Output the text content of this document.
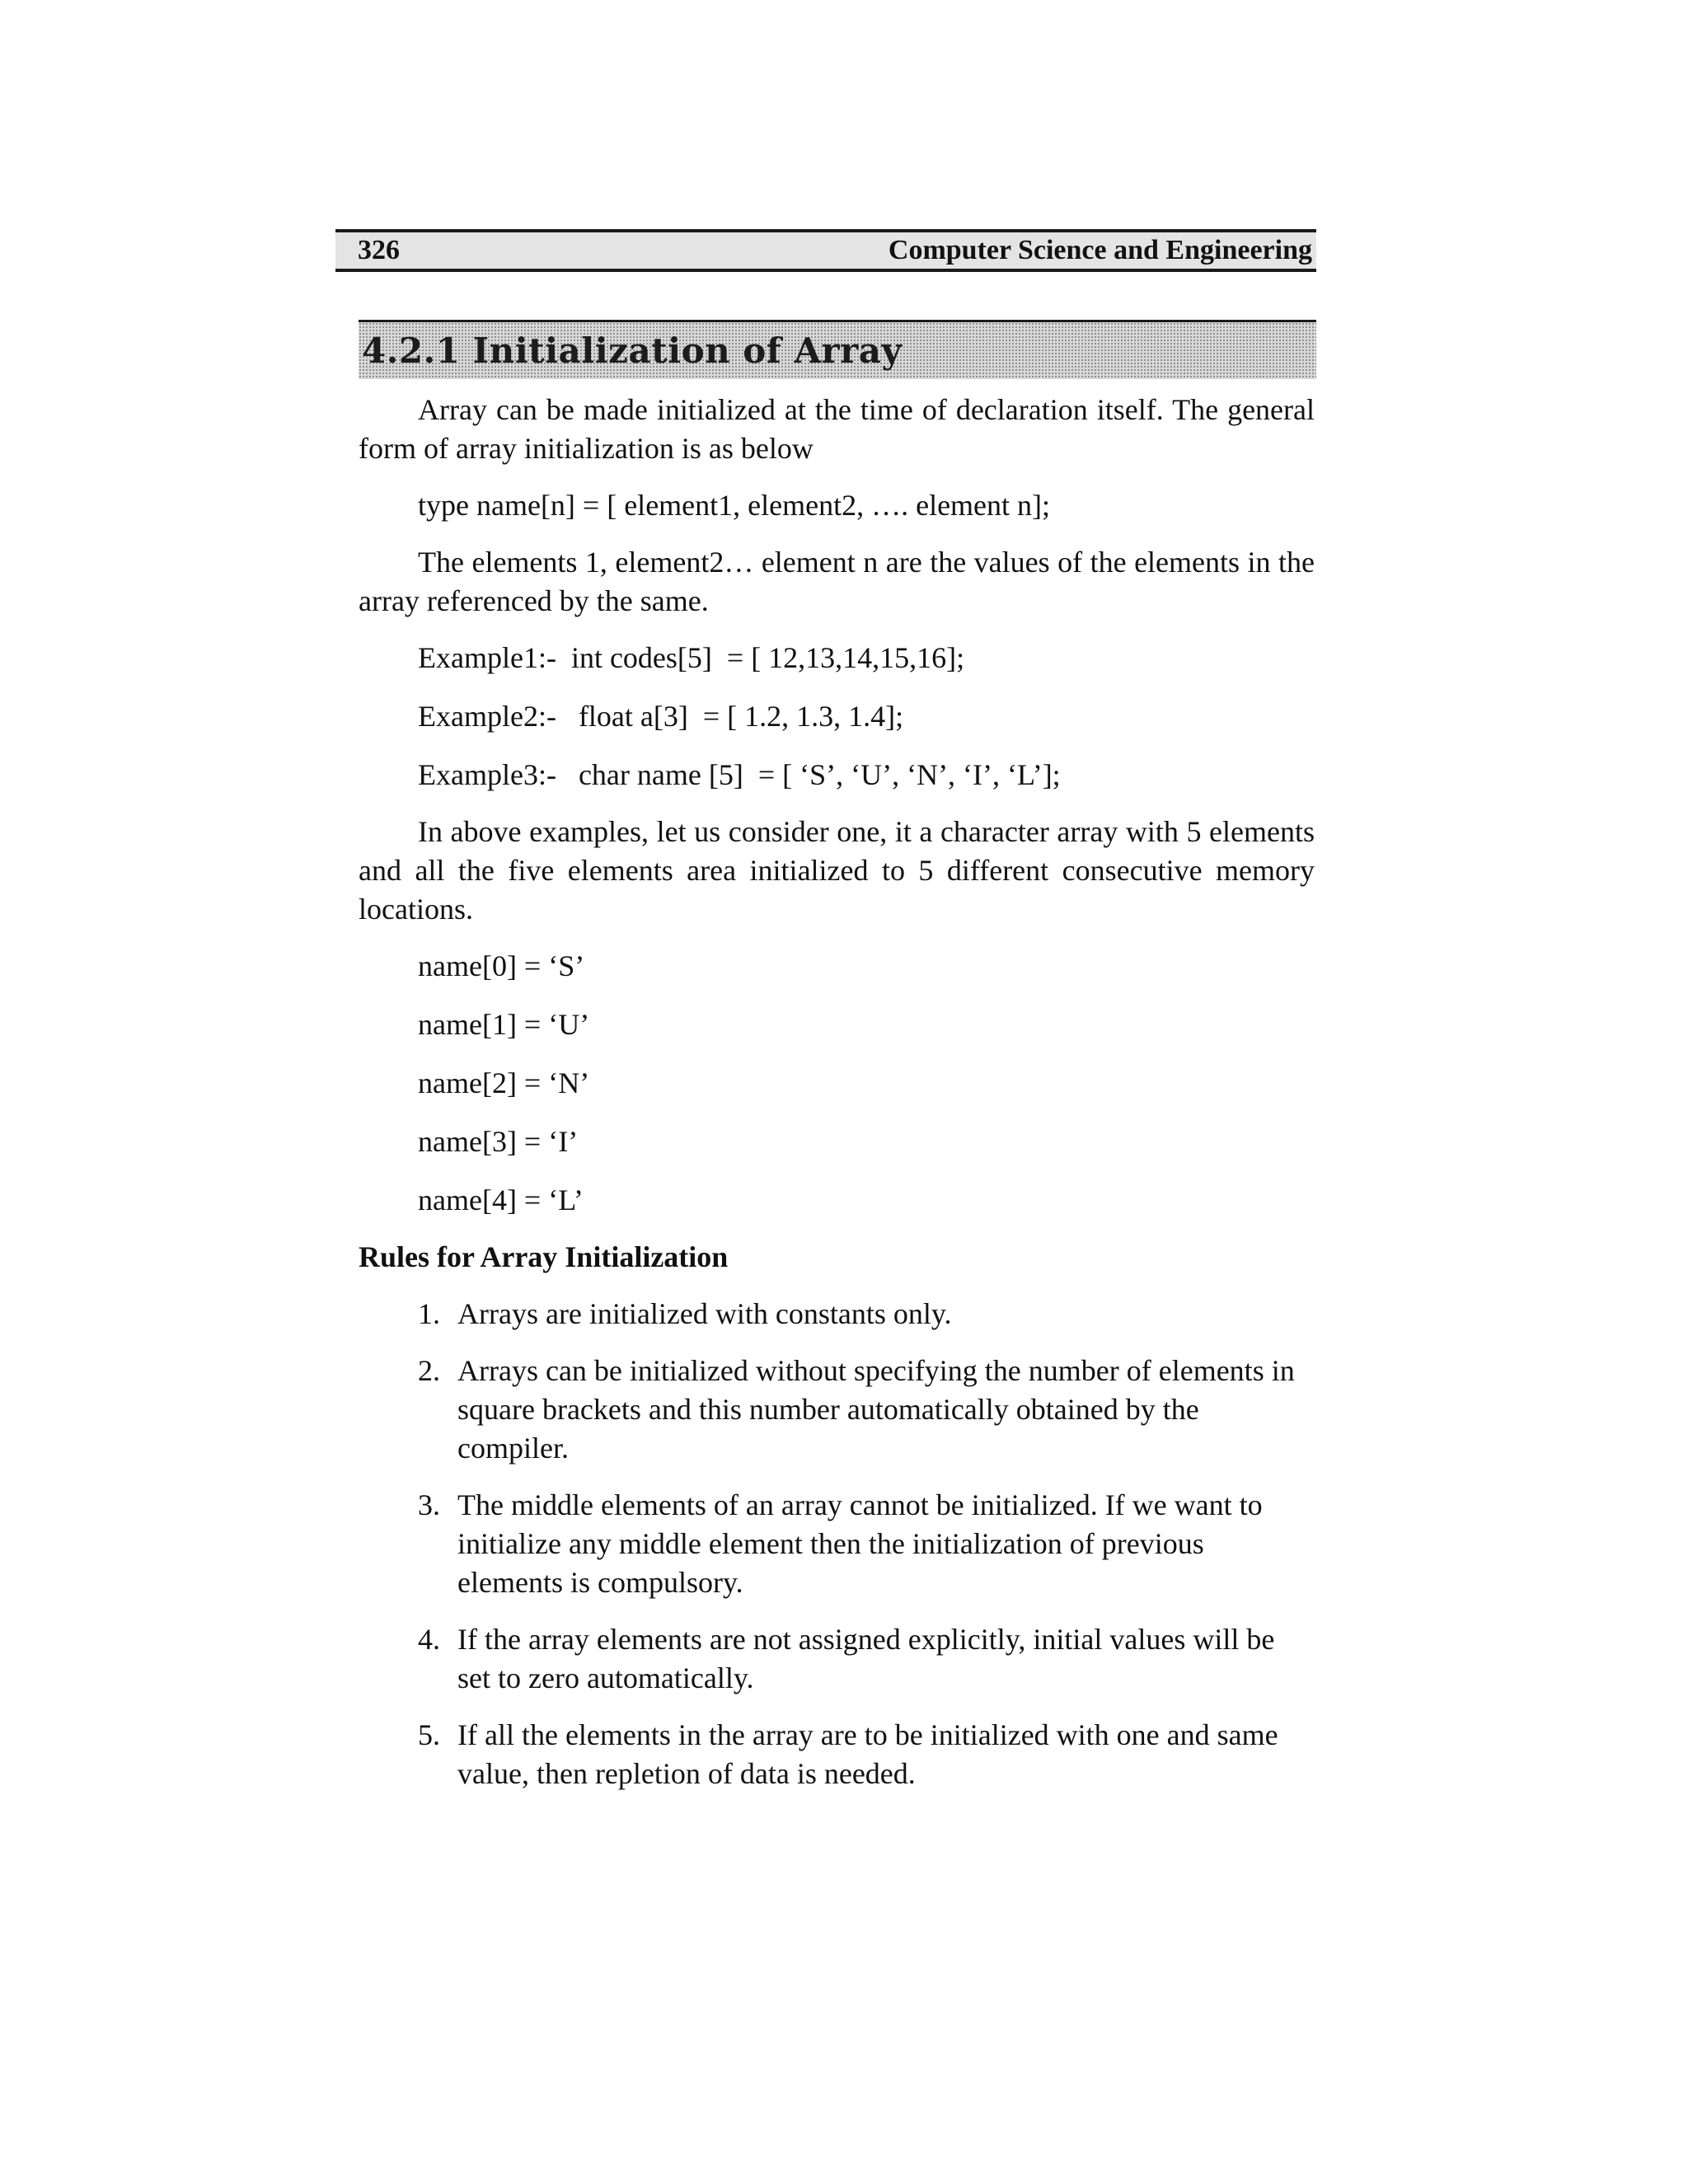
326	Computer Science and Engineering
4.2.1 Initialization of Array

Array can be made initialized at the time of declaration itself. The general form of array initialization is as below

type name[n] = [ element1, element2, …. element n];

The elements 1, element2… element n are the values of the elements in the array referenced by the same.

Example1:-  int codes[5]  = [ 12,13,14,15,16];

Example2:-   float a[3]  = [ 1.2, 1.3, 1.4];

Example3:-   char name [5]  = [ ‘S’, ‘U’, ‘N’, ‘I’, ‘L’];

In above examples, let us consider one, it a character array with 5 elements and all the five elements area initialized to 5 different consecutive memory locations.

name[0] = ‘S’

name[1] = ‘U’

name[2] = ‘N’

name[3] = ‘I’

name[4] = ‘L’

Rules for Array Initialization

1. Arrays are initialized with constants only.
2. Arrays can be initialized without specifying the number of elements in square brackets and this number automatically obtained by the compiler.
3. The middle elements of an array cannot be initialized. If we want to initialize any middle element then the initialization of previous elements is compulsory.
4. If the array elements are not assigned explicitly, initial values will be set to zero automatically.
5. If all the elements in the array are to be initialized with one and same value, then repletion of data is needed.
